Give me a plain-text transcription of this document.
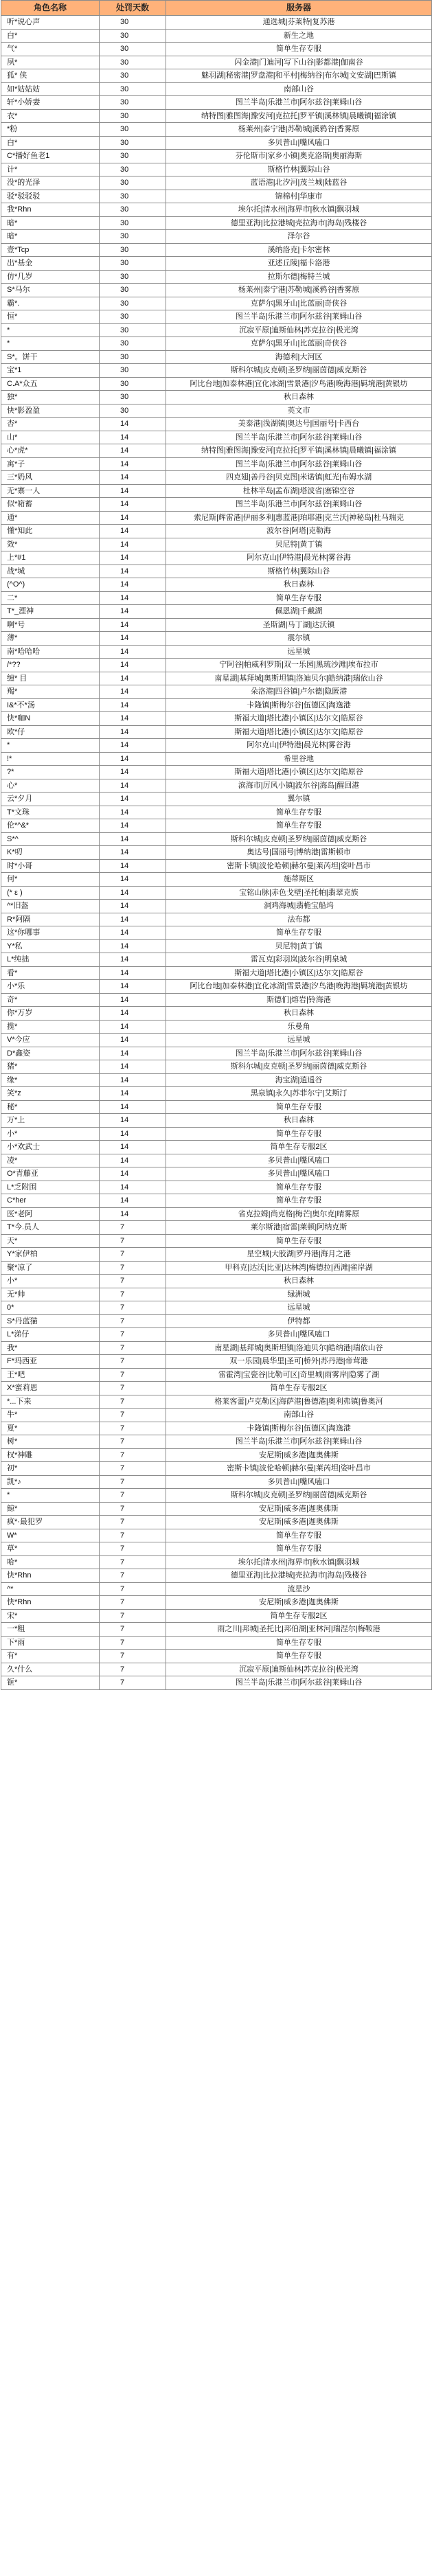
角色名称	处罚天数	服务器
听*说心声	30	通选城|芬莱特|复苏港
白*	30	新生之地
气*	30	简单生存专服
夙*	30	闪金港|门迪河|写下山谷|影都港|伽南谷
狐* 侠	30	魅羽湖|秘密港|罗盘港|和平村|梅纳谷|布尔城|文安湖|巴斯镇
如*姑姑姑	30	南部山谷
轩*小娇妻	30	图兰半岛|乐港兰市|阿尔兹谷|莱姆山谷
衣*	30	纳特图|雅图海|豫安河|克拉托|罗平镇|溪林镇|晨曦镇|福涂镇
*粉	30	杨莱州|泰宁港|苏勒城|溪鸦谷|香雾原
白*	30	多贝普山|嘴风嗑口
C*播好鱼老1	30	芬伦斯市|家乡小镇|奥克洛斯|奥丽海斯
计*	30	斯格竹林|翼际山谷
没*的光泽	30	蓝语港|北汐河|茂兰城|陆蓝谷
驳*驳驳驳	30	锦棉村|华康市
我*Rhn	30	埃尔托|清水州|海界市|秋水镇|飘羽城
暗*	30	德里亚海|比拉港城|壳拉海市|海岛|残楼谷
暗*	30	泽尔谷
壹*Tcp	30	溪纳洛克|卡尔密林
出*基金	30	亚述丘陵|福卡洛港
仿*几岁	30	拉斯尔德|梅特兰城
S*马尔	30	杨莱州|泰宁港|苏勒城|溪鸦谷|香雾原
霸*.	30	克萨尔|黑牙山|比蓝丽|奇侠谷
恒*	30	图兰半岛|乐港兰市|阿尔兹谷|莱姆山谷
*	30	沉寂平原|迪斯仙林|苏克拉谷|极光湾
*	30	克萨尔|黑牙山|比蓝丽|奇侠谷
S*。饼干	30	海德利|大河区
宝*1	30	斯科尔城|皮克顿|圣罗纳|丽茵德|威克斯谷
C.A*众五	30	阿比台地|加泰林港|宜化冰湖|雪景港|汐鸟港|晚海港|羁境港|黄银坊
独*	30	秋日森林
快*影盈盈	30	英文市
杏*	14	美泰港|浅湖镇|奥达号|国丽号|卡西台
山*	14	图兰半岛|乐港兰市|阿尔兹谷|莱姆山谷
心*虎*	14	纳特图|雅图海|豫安河|克拉托|罗平镇|溪林镇|晨曦镇|福涂镇
寓*子	14	图兰半岛|乐港兰市|阿尔兹谷|莱姆山谷
三*奶风	14	四克翅|善丹谷|贝克图|米诺镇|虹光|布姆水湖
无*寨一人	14	杜林半岛|孟布湖|塔波省|塞锦空谷
似*箱蓄	14	图兰半岛|乐港兰市|阿尔兹谷|莱姆山谷
通*	14	索尼斯|辉雷港|伊丽多利|惠蓝港|珀耶港|克兰沃|神秘岛|杜马瑞克
懂*知此	14	波尔谷|阿塔|克勒海
效*	14	贝尼特|黄丁镇
上*#1	14	阿尔克山|伊特港|晨光林|雾谷海
战*城	14	斯格竹林|翼际山谷
(^O^)	14	秋日森林
二*	14	简单生存专服
T*_湮神	14	佩恩湖|千戴湖
啊*号	14	圣斯湖|马丁湖|达沃镇
薄*	14	震尔镇
南*哈哈哈	14	远星城
/*??	14	宁阿谷|帕威利罗斯|双一乐园|黑琉沙滩|埃布拉市
缠* 目	14	南星湖|基拜城|奥斯坦镇|洛迪贝尔|皓纳港|瑞依山谷
羯*	14	朵洛港|四谷镇|卢尔德|隐匿港
I&*不*汤	14	卡隆镇|斯梅尔谷|伍德区|淘逸港
快*咖N	14	斯福大道|塔比港|小镇区|达尔文|皓原谷
欧*仔	14	斯福大道|塔比港|小镇区|达尔文|皓原谷
*	14	阿尔克山|伊特港|晨光林|雾谷海
!*	14	希里谷地
?*	14	斯福大道|塔比港|小镇区|达尔文|皓原谷
心*	14	滨海市|厉风小镇|波尔谷|海岛|醒回港
云*夕月	14	翼尔镇
T*文珠	14	简单生存专服
伦*^&*	14	简单生存专服
S*^	14	斯科尔城|皮克顿|圣罗纳|丽茵德|威克斯谷
K*叨	14	奥达号|国丽号|博纳港|雷斯顿市
时*小哥	14	密斯卡镇|波伦哈顿|赫尔曼|莱芮坦|姿叶昌市
何*	14	施蒂斯区
(* ε )	14	宝铭山脉|赤色戈壁|圣托帕|翡翠克族
^*旧盔	14	洞鸡海城|翡桅宝船坞
R*阿隔	14	法布都
这*你哪事	14	简单生存专服
Y*私	14	贝尼特|黄丁镇
L*纯拙	14	雷瓦克|彩羽岚|波尔谷|明泉城
看*	14	斯福大道|塔比港|小镇区|达尔文|皓原谷
小*乐	14	阿比台地|加泰林港|宜化冰湖|雪景港|汐鸟港|晚海港|羁境港|黄银坊
奇*	14	斯德们|熔岩|铃海港
你*万岁	14	秋日森林
揽*	14	乐曼角
V*今应	14	远星城
D*鑫姿	14	图兰半岛|乐港兰市|阿尔兹谷|莱姆山谷
猪*	14	斯科尔城|皮克顿|圣罗纳|丽茵德|威克斯谷
缘*	14	海宝湖|逍遥谷
笑*z	14	黑泉镇|永久|苏菲尔宁|艾斯汀
秘*	14	简单生存专服
万*上	14	秋日森林
小*	14	简单生存专服
小*欢武士	14	简单生存专服2区
凌*	14	多贝普山|嘴风嗑口
O*青藤亚	14	多贝普山|嘴风嗑口
L*乏附围	14	简单生存专服
C*her	14	简单生存专服
医*老阿	14	省克拉姆|尚克格|梅芒|奥尔克|晴雾原
T*今.员人	7	莱尔斯港|宿雷|莱顿|阿纳克斯
天*	7	简单生存专服
Y*家伊柏	7	星空城|大胶湖|罗丹港|海月之港
聚*凉了	7	甲科克|达沃|比亚|达林湾|梅德拉|西滩|雀岸湖
小*	7	秋日森林
无*帅	7	绿洲城
0*	7	远星城
S*丹蓝猫	7	伊特都
L*涕仔	7	多贝普山|嘴风嗑口
我*	7	南星湖|基拜城|奥斯坦镇|洛迪贝尔|皓纳港|瑞依山谷
F*玛西亚	7	双一乐园|晨华里|圣可|桥外|苏丹港|帝茸港
王*吧	7	雷霍湾|宝瓷谷|比勒可区|奇里城|雨雾岸|隐雾了湖
X*蜜莉恩	7	简单生存专服2区
*...下来	7	格莱客蕾|卢克勒区|海萨港|鲁德港|奥利弗镇|鲁奥河
牛*	7	南部山谷
夏*	7	卡隆镇|斯梅尔谷|伍德区|淘逸港
树*	7	图兰半岛|乐港兰市|阿尔兹谷|莱姆山谷
权*神雕	7	安尼斯|威多港|迦奥佛斯
初*	7	密斯卡镇|波伦哈顿|赫尔曼|莱芮坦|姿叶昌市
凯*♪	7	多贝普山|嘴风嗑口
*	7	斯科尔城|皮克顿|圣罗纳|丽茵德|威克斯谷
鲸*	7	安尼斯|威多港|迦奥佛斯
疯*·最犯罗	7	安尼斯|威多港|迦奥佛斯
W*	7	简单生存专服
草*	7	简单生存专服
哈*	7	埃尔托|清水州|海界市|秋水镇|飘羽城
快*Rhn	7	德里亚海|比拉港城|壳拉海市|海岛|残楼谷
^*	7	流星沙
快*Rhn	7	安尼斯|威多港|迦奥佛斯
宋*	7	简单生存专服2区
一*粗	7	雨之川|邦城|圣托比|邦伯湖|亚林河|瑞涅尔|梅鞍港
下*雨	7	简单生存专服
有*	7	简单生存专服
久*什么	7	沉寂平原|迪斯仙林|苏克拉谷|极光湾
钷*	7	图兰半岛|乐港兰市|阿尔兹谷|莱姆山谷
